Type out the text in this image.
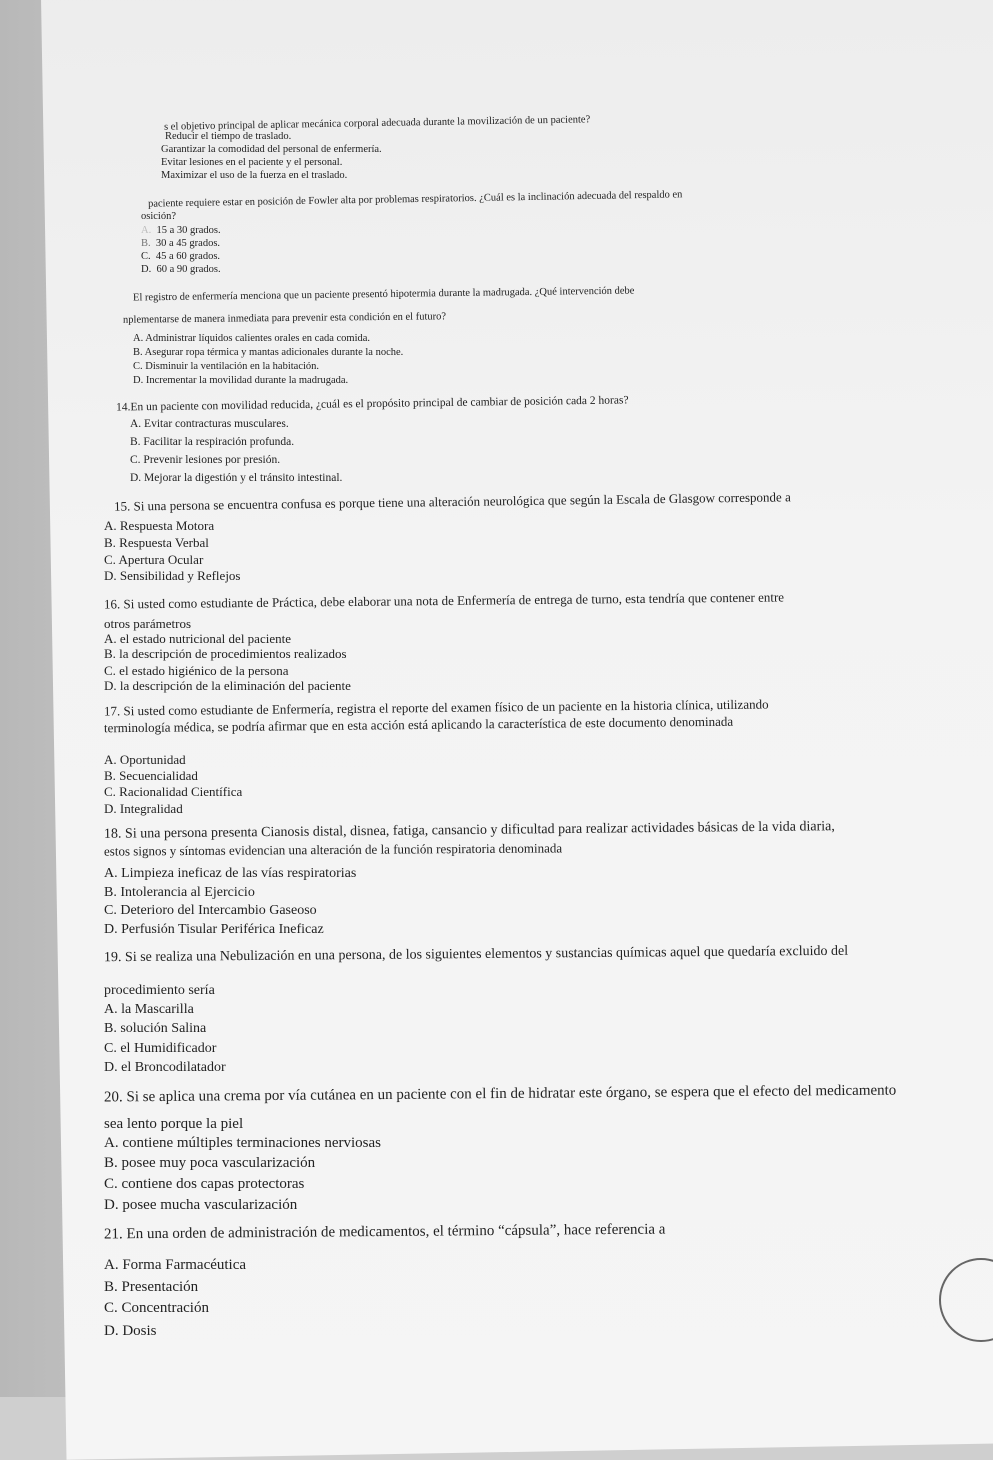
s el objetivo principal de aplicar mecánica corporal adecuada durante la movilización de un paciente?
Reducir el tiempo de traslado.
Garantizar la comodidad del personal de enfermería.
Evitar lesiones en el paciente y el personal.
Maximizar el uso de la fuerza en el traslado.
paciente requiere estar en posición de Fowler alta por problemas respiratorios. ¿Cuál es la inclinación adecuada del respaldo en
osición?
A. 15 a 30 grados.
B. 30 a 45 grados.
C. 45 a 60 grados.
D. 60 a 90 grados.
El registro de enfermería menciona que un paciente presentó hipotermia durante la madrugada. ¿Qué intervención debe
nplementarse de manera inmediata para prevenir esta condición en el futuro?
A. Administrar líquidos calientes orales en cada comida.
B. Asegurar ropa térmica y mantas adicionales durante la noche.
C. Disminuir la ventilación en la habitación.
D. Incrementar la movilidad durante la madrugada.
14.En un paciente con movilidad reducida, ¿cuál es el propósito principal de cambiar de posición cada 2 horas?
A. Evitar contracturas musculares.
B. Facilitar la respiración profunda.
C. Prevenir lesiones por presión.
D. Mejorar la digestión y el tránsito intestinal.
15. Si una persona se encuentra confusa es porque tiene una alteración neurológica que según la Escala de Glasgow corresponde a
A. Respuesta Motora
B. Respuesta Verbal
C. Apertura Ocular
D. Sensibilidad y Reflejos
16. Si usted como estudiante de Práctica, debe elaborar una nota de Enfermería de entrega de turno, esta tendría que contener entre
otros parámetros
A. el estado nutricional del paciente
B. la descripción de procedimientos realizados
C. el estado higiénico de la persona
D. la descripción de la eliminación del paciente
17. Si usted como estudiante de Enfermería, registra el reporte del examen físico de un paciente en la historia clínica, utilizando
terminología médica, se podría afirmar que en esta acción está aplicando la característica de este documento denominada
A. Oportunidad
B. Secuencialidad
C. Racionalidad Científica
D. Integralidad
18. Si una persona presenta Cianosis distal, disnea, fatiga, cansancio y dificultad para realizar actividades básicas de la vida diaria,
estos signos y síntomas evidencian una alteración de la función respiratoria denominada
A. Limpieza ineficaz de las vías respiratorias
B. Intolerancia al Ejercicio
C. Deterioro del Intercambio Gaseoso
D. Perfusión Tisular Periférica Ineficaz
19. Si se realiza una Nebulización en una persona, de los siguientes elementos y sustancias químicas aquel que quedaría excluido del
procedimiento sería
A. la Mascarilla
B. solución Salina
C. el Humidificador
D. el Broncodilatador
20. Si se aplica una crema por vía cutánea en un paciente con el fin de hidratar este órgano, se espera que el efecto del medicamento
sea lento porque la piel
A. contiene múltiples terminaciones nerviosas
B. posee muy poca vascularización
C. contiene dos capas protectoras
D. posee mucha vascularización
21. En una orden de administración de medicamentos, el término “cápsula”, hace referencia a
A. Forma Farmacéutica
B. Presentación
C. Concentración
D. Dosis
